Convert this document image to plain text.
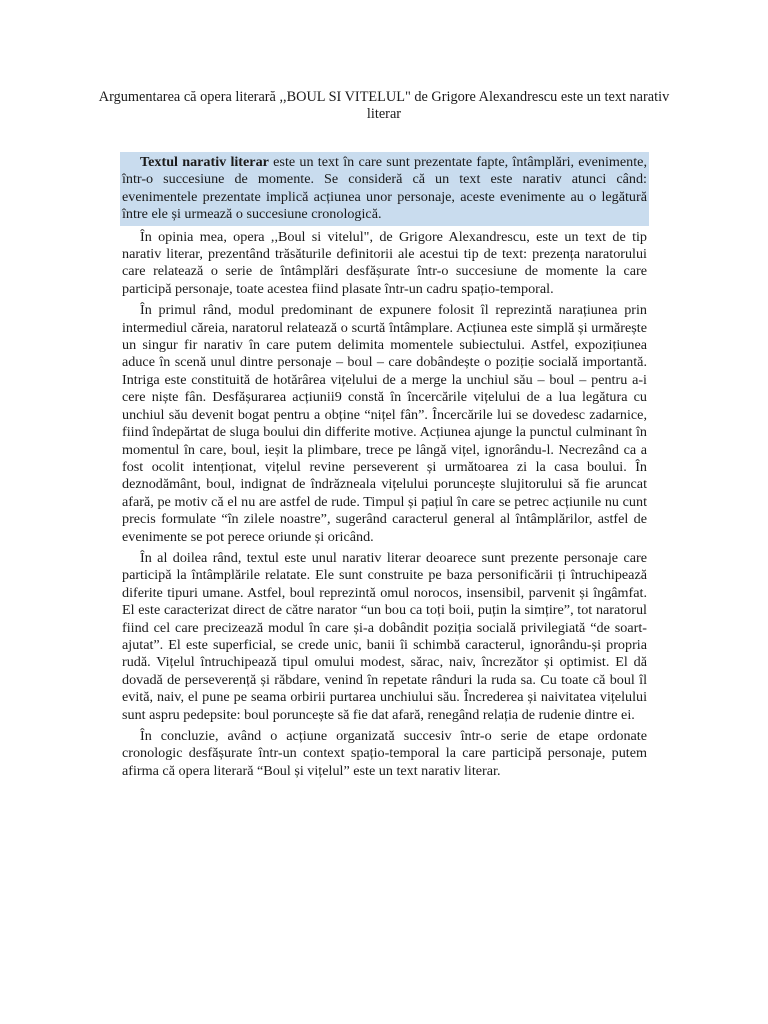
Argumentarea că opera literară ,,BOUL SI VITELUL" de Grigore Alexandrescu este un text narativ literar

Textul narativ literar este un text în care sunt prezentate fapte, întâmplări, evenimente, într-o succesiune de momente. Se consideră că un text este narativ atunci când: evenimentele prezentate implică acțiunea unor personaje, aceste evenimente au o legătură între ele și urmează o succesiune cronologică.

În opinia mea, opera ,,Boul si vitelul", de Grigore Alexandrescu, este un text de tip narativ literar, prezentând trăsăturile definitorii ale acestui tip de text: prezența naratorului care relatează o serie de întâmplări desfășurate într-o succesiune de momente la care participă personaje, toate acestea fiind plasate într-un cadru spațio-temporal.

În primul rând, modul predominant de expunere folosit îl reprezintă narațiunea prin intermediul căreia, naratorul relatează o scurtă întâmplare. Acțiunea este simplă și urmărește un singur fir narativ în care putem delimita momentele subiectului. Astfel, expozițiunea aduce în scenă unul dintre personaje – boul – care dobândește o poziție socială importantă. Intriga este constituită de hotărârea vițelului de a merge la unchiul său – boul – pentru a-i cere niște fân. Desfășurarea acțiunii9 constă în încercările vițelului de a lua legătura cu unchiul său devenit bogat pentru a obține “nițel fân”. Încercările lui se dovedesc zadarnice, fiind îndepărtat de sluga boului din differite motive. Acțiunea ajunge la punctul culminant în momentul în care, boul, ieșit la plimbare, trece pe lângă vițel, ignorându-l. Necrezând ca a fost ocolit intenționat, vițelul revine perseverent și următoarea zi la casa boului. În deznodământ, boul, indignat de îndrăzneala vițelului poruncește slujitorului să fie aruncat afară, pe motiv că el nu are astfel de rude. Timpul și pațiul în care se petrec acțiunile nu cunt precis formulate “în zilele noastre”, sugerând caracterul general al întâmplărilor, astfel de evenimente se pot perece oriunde și oricând.

În al doilea rând, textul este unul narativ literar deoarece sunt prezente personaje care participă la întâmplările relatate. Ele sunt construite pe baza personificării ți întruchipează diferite tipuri umane. Astfel, boul reprezintă omul norocos, insensibil, parvenit și îngâmfat. El este caracterizat direct de către narator “un bou ca toți boii, puțin la simțire”, tot naratorul fiind cel care precizează modul în care și-a dobândit poziția socială privilegiată “de soart-ajutat”. El este superficial, se crede unic, banii îi schimbă caracterul, ignorându-și propria rudă. Vițelul întruchipează tipul omului modest, sărac, naiv, încrezător și optimist. El dă dovadă de perseverență și răbdare, venind în repetate rânduri la ruda sa. Cu toate că boul îl evită, naiv, el pune pe seama orbirii purtarea unchiului său. Încrederea și naivitatea vițelului sunt aspru pedepsite: boul poruncește să fie dat afară, renegând relația de rudenie dintre ei.

În concluzie, având o acțiune organizată succesiv într-o serie de etape ordonate cronologic desfășurate într-un context spațio-temporal la care participă personaje, putem afirma că opera literară “Boul și vițelul” este un text narativ literar.
